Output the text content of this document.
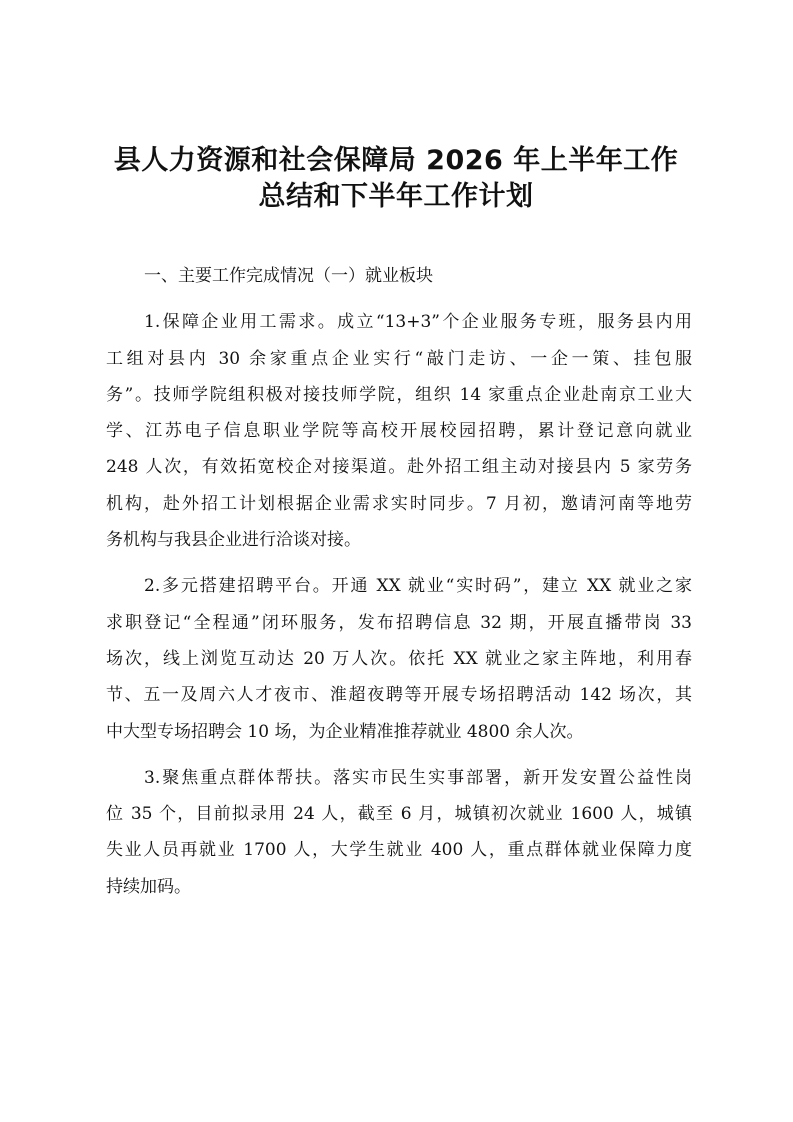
县人力资源和社会保障局 2026 年上半年工作
总结和下半年工作计划

一、主要工作完成情况（一）就业板块

1.保障企业用工需求。成立“13+3”个企业服务专班，服务县内用
工组对县内 30 余家重点企业实行“敲门走访、一企一策、挂包服
务”。技师学院组积极对接技师学院，组织 14 家重点企业赴南京工业大
学、江苏电子信息职业学院等高校开展校园招聘，累计登记意向就业
248 人次，有效拓宽校企对接渠道。赴外招工组主动对接县内 5 家劳务
机构，赴外招工计划根据企业需求实时同步。7 月初，邀请河南等地劳
务机构与我县企业进行洽谈对接。

2.多元搭建招聘平台。开通 XX 就业“实时码”，建立 XX 就业之家
求职登记“全程通”闭环服务，发布招聘信息 32 期，开展直播带岗 33
场次，线上浏览互动达 20 万人次。依托 XX 就业之家主阵地，利用春
节、五一及周六人才夜市、淮超夜聘等开展专场招聘活动 142 场次，其
中大型专场招聘会 10 场，为企业精准推荐就业 4800 余人次。

3.聚焦重点群体帮扶。落实市民生实事部署，新开发安置公益性岗
位 35 个，目前拟录用 24 人，截至 6 月，城镇初次就业 1600 人，城镇
失业人员再就业 1700 人，大学生就业 400 人，重点群体就业保障力度
持续加码。
